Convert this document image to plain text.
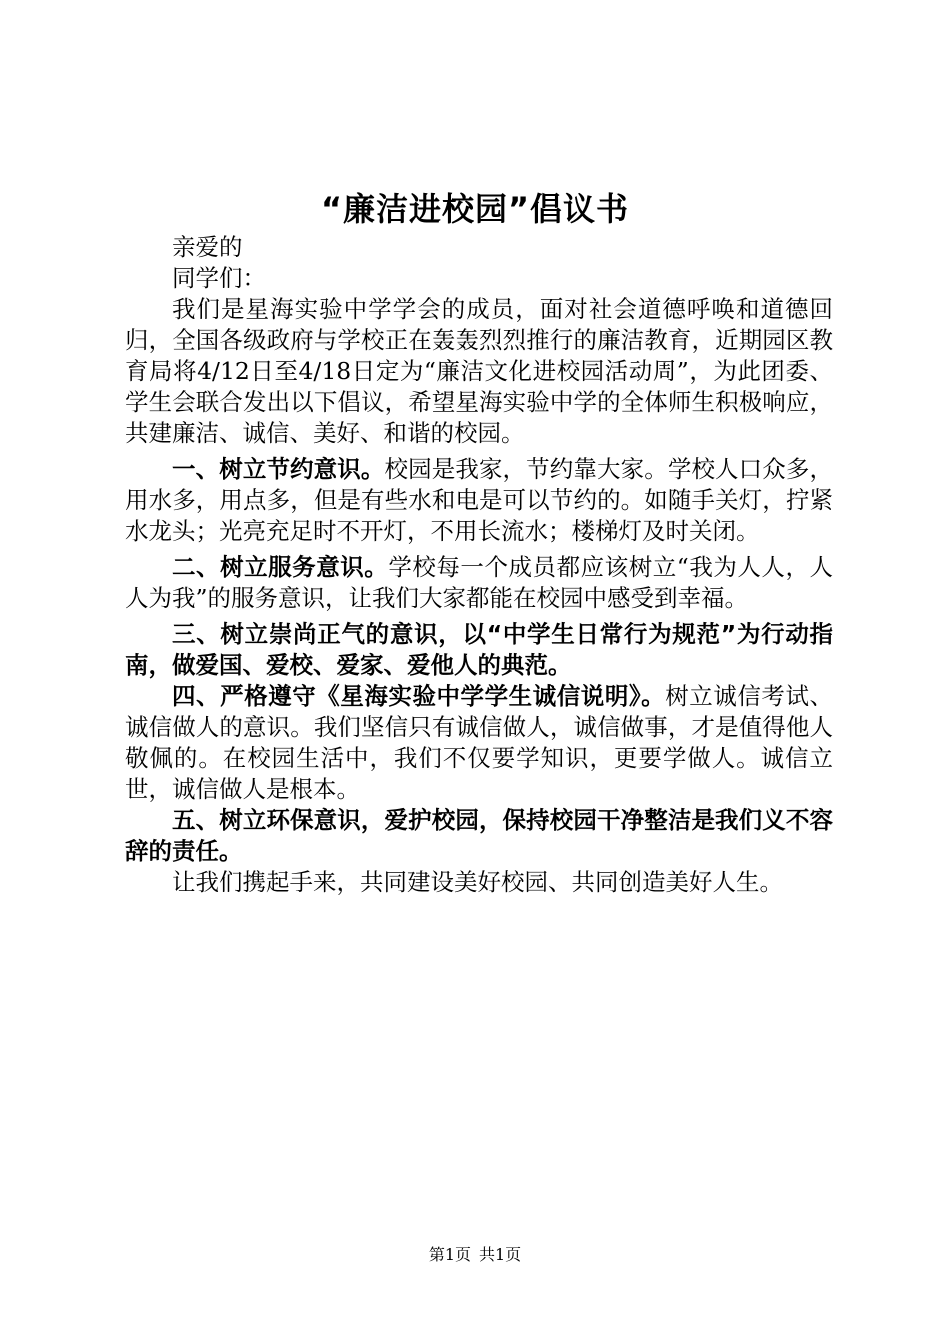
“廉洁进校园”倡议书

亲爱的

同学们：

我们是星海实验中学学会的成员，面对社会道德呼唤和道德回归，全国各级政府与学校正在轰轰烈烈推行的廉洁教育，近期园区教育局将4/12日至4/18日定为“廉洁文化进校园活动周”，为此团委、学生会联合发出以下倡议，希望星海实验中学的全体师生积极响应，共建廉洁、诚信、美好、和谐的校园。

一、树立节约意识。校园是我家，节约靠大家。学校人口众多，用水多，用点多，但是有些水和电是可以节约的。如随手关灯，拧紧水龙头；光亮充足时不开灯，不用长流水；楼梯灯及时关闭。

二、树立服务意识。学校每一个成员都应该树立“我为人人，人人为我”的服务意识，让我们大家都能在校园中感受到幸福。

三、树立崇尚正气的意识，以“中学生日常行为规范”为行动指南，做爱国、爱校、爱家、爱他人的典范。

四、严格遵守《星海实验中学学生诚信说明》。树立诚信考试、诚信做人的意识。我们坚信只有诚信做人，诚信做事，才是值得他人敬佩的。在校园生活中，我们不仅要学知识，更要学做人。诚信立世，诚信做人是根本。

五、树立环保意识，爱护校园，保持校园干净整洁是我们义不容辞的责任。

让我们携起手来，共同建设美好校园、共同创造美好人生。

第1页 共1页
